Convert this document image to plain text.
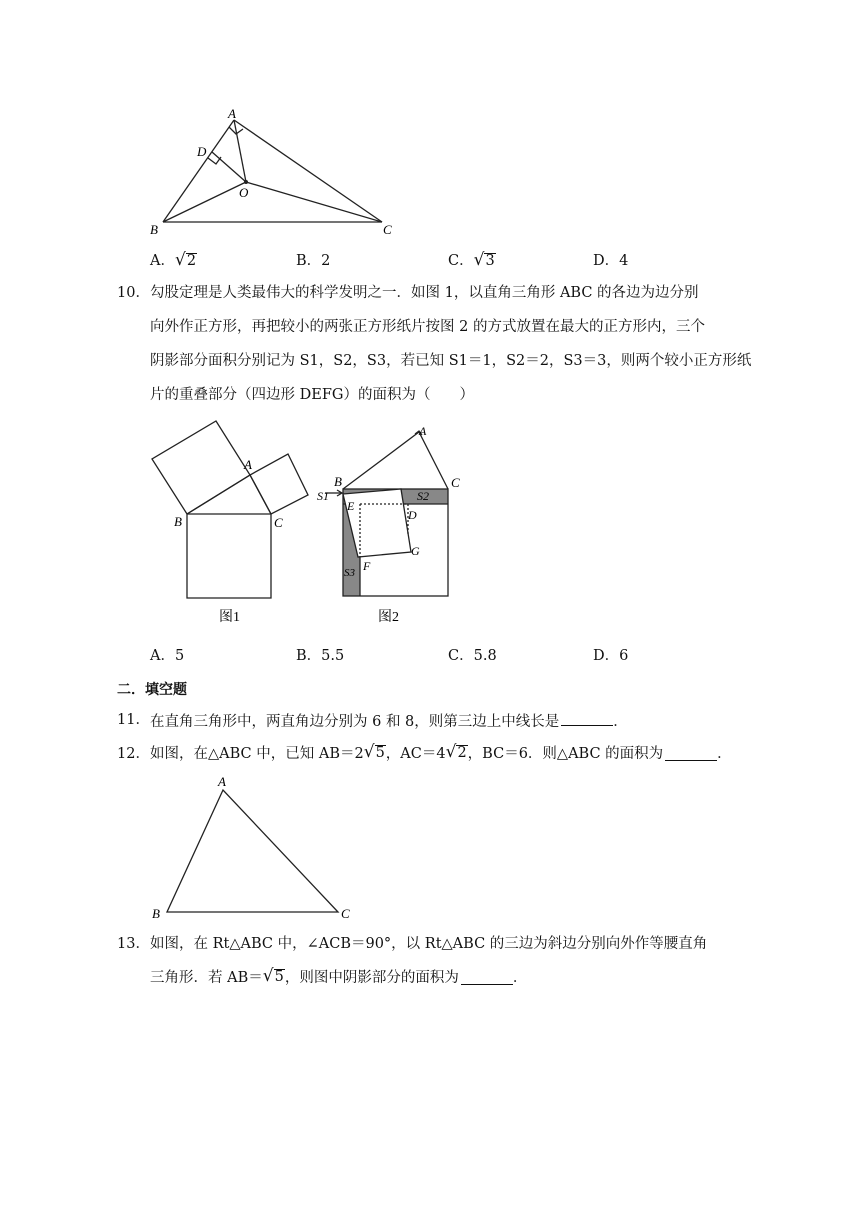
A
D
O
B	C
A． √ 2	B．2	C． √ 3	D．4
10． 勾股定理是人类最伟大的科学发明之一．如图 1，以直角三角形 ABC 的各边为边分别
向外作正方形，再把较小的两张正方形纸片按图 2 的方式放置在最大的正方形内，三个
阴影部分面积分别记为 S1，S2，S3，若已知 S1＝1，S2＝2，S3＝3，则两个较小正方形纸
片的重叠部分（四边形 DEFG）的面积为（　　）
A
B	C
图1
A
B	C
S1	S2
E
D
G
S3 F
图2
A．5	B．5.5	C．5.8	D．6
二．填空题
11． 在直角三角形中，两直角边分别为 6 和 8，则第三边上中线长是	．
12． 如图，在△ABC 中，已知 AB＝2 √ 5 ，AC＝4 √ 2 ，BC＝6．则△ABC 的面积为	．
A
B	C
13． 如图，在 Rt△ABC 中，∠ACB＝90°，以 Rt△ABC 的三边为斜边分别向外作等腰直角
三角形．若 AB＝ √ 5 ，则图中阴影部分的面积为	．
